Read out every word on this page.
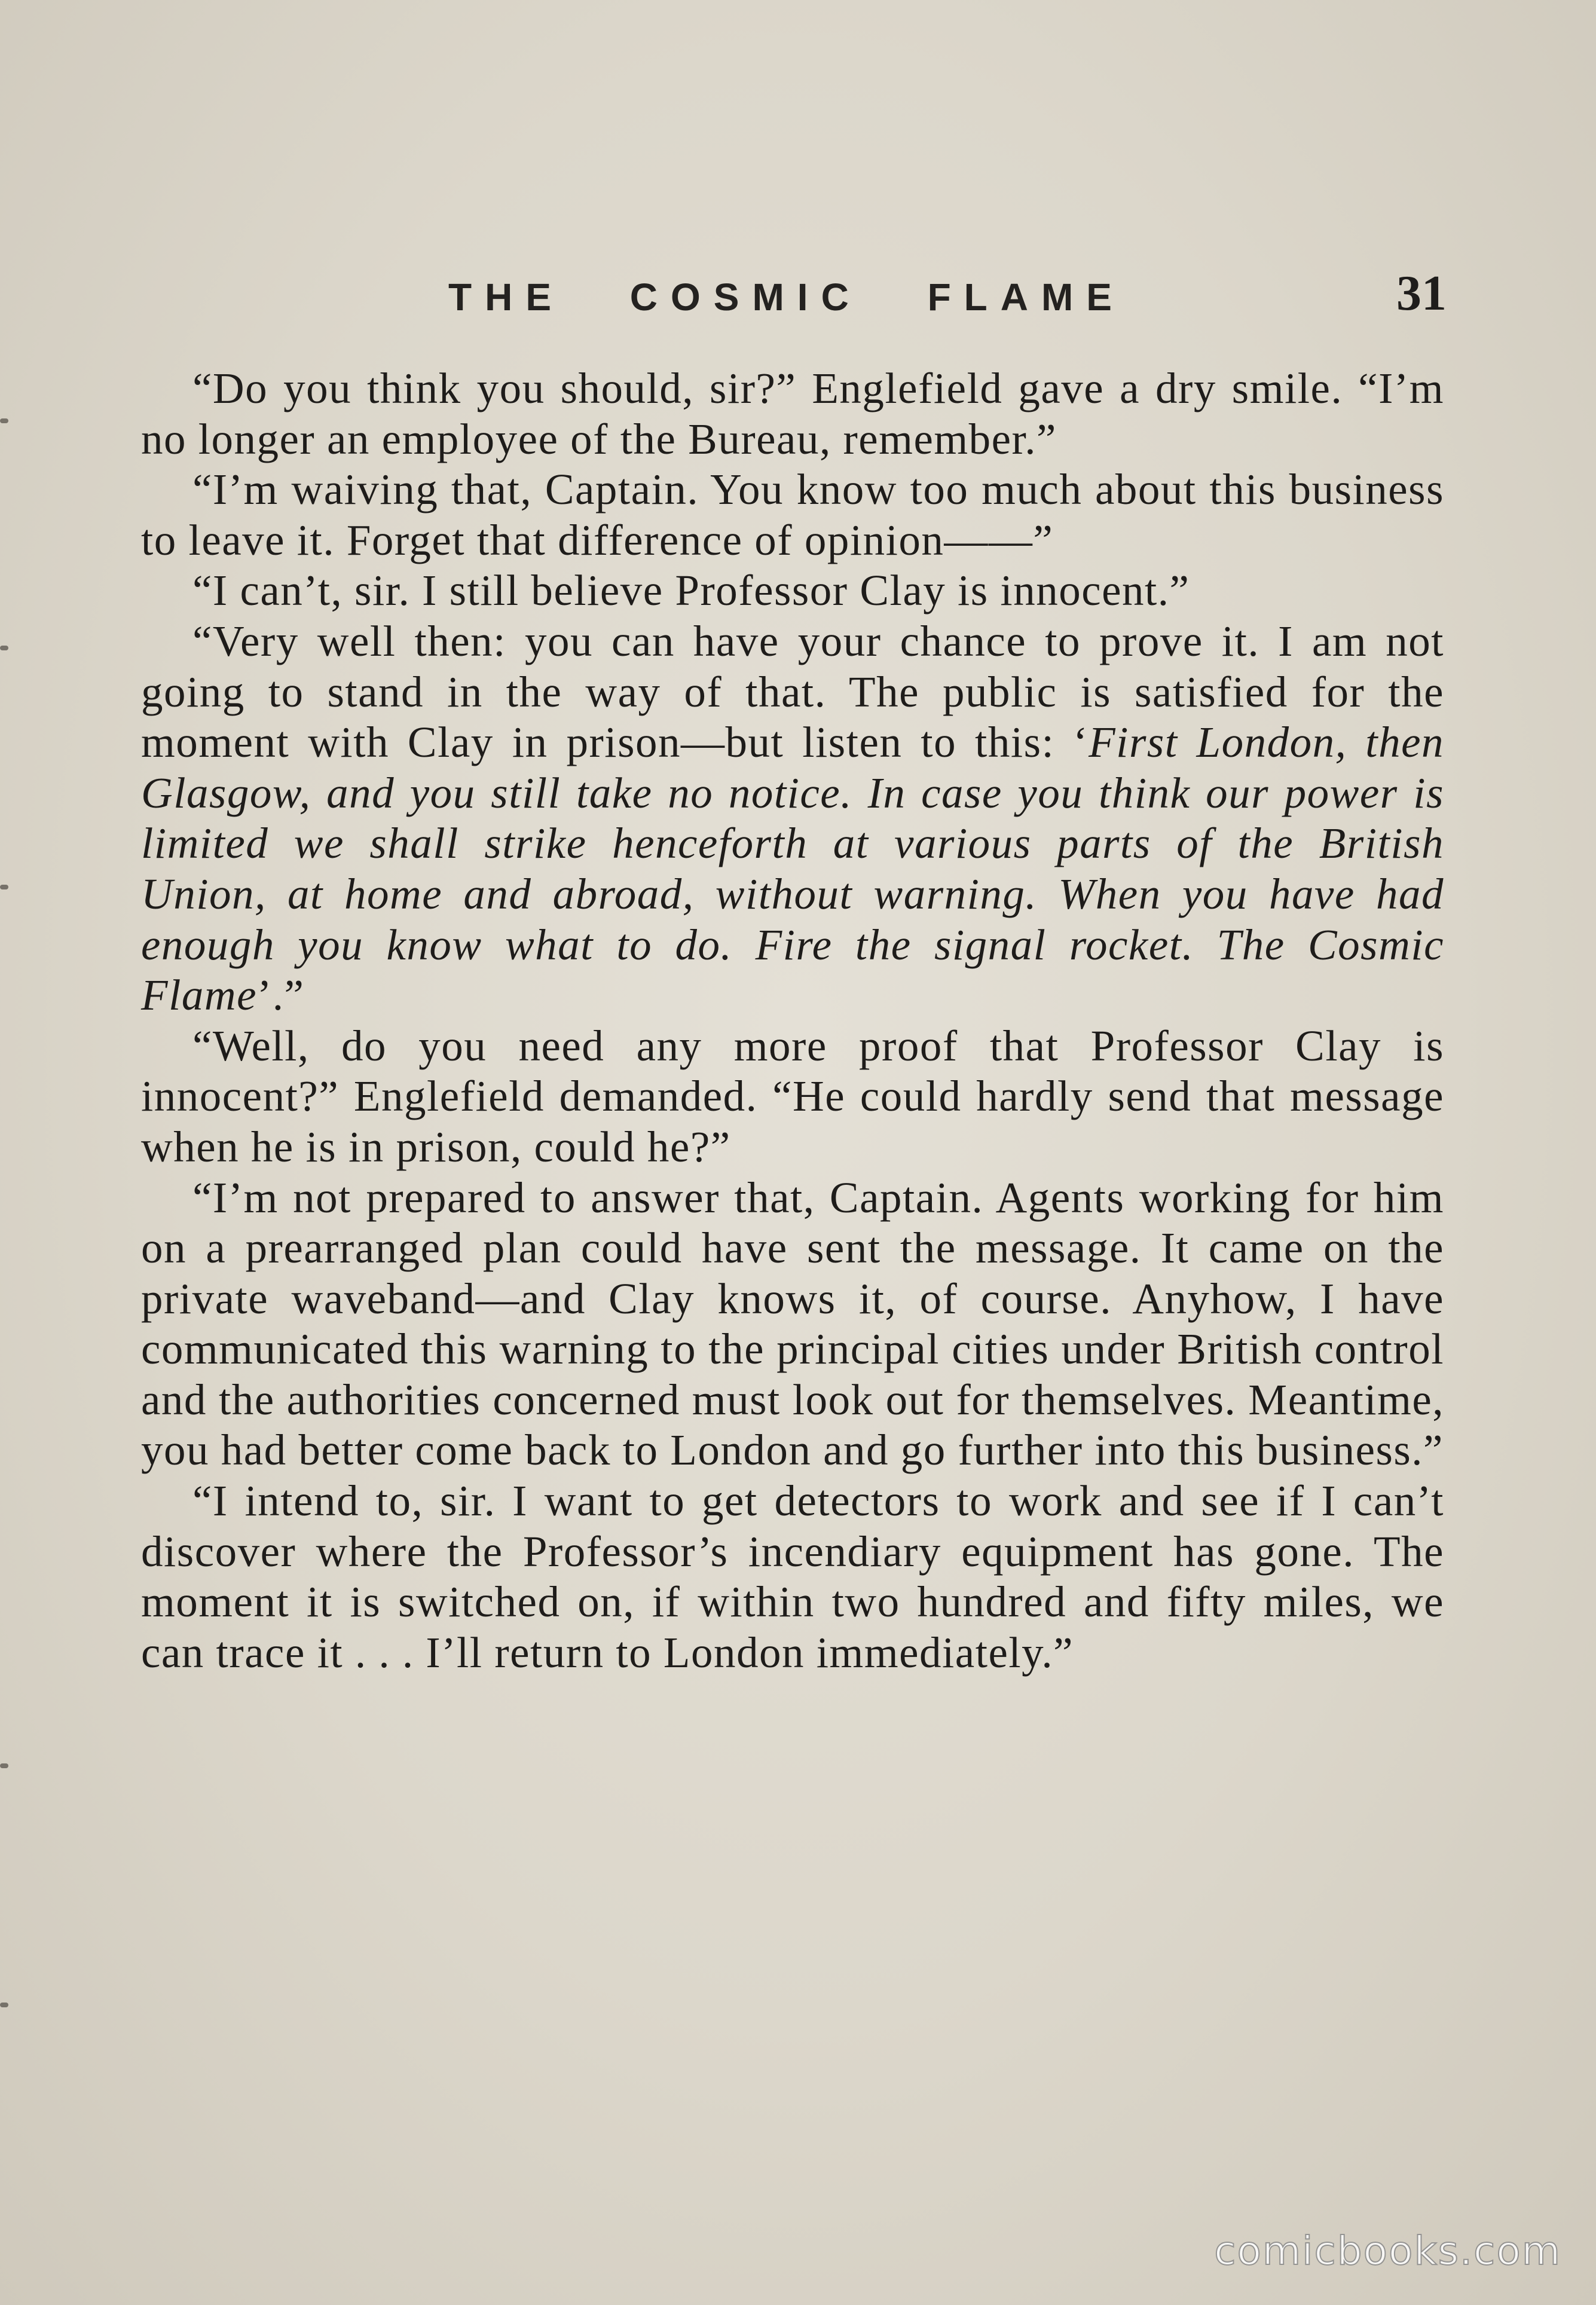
THE COSMIC FLAME	31

“Do you think you should, sir?” Englefield gave a dry smile. “I’m no longer an employee of the Bureau, remember.”

“I’m waiving that, Captain. You know too much about this business to leave it. Forget that difference of opinion——”

“I can’t, sir. I still believe Professor Clay is innocent.”

“Very well then: you can have your chance to prove it. I am not going to stand in the way of that. The public is satisfied for the moment with Clay in prison—but listen to this: ‘First London, then Glasgow, and you still take no notice. In case you think our power is limited we shall strike henceforth at various parts of the British Union, at home and abroad, without warning. When you have had enough you know what to do. Fire the signal rocket. The Cosmic Flame’.”

“Well, do you need any more proof that Professor Clay is innocent?” Englefield demanded. “He could hardly send that message when he is in prison, could he?”

“I’m not prepared to answer that, Captain. Agents working for him on a prearranged plan could have sent the message. It came on the private waveband—and Clay knows it, of course. Anyhow, I have communicated this warning to the principal cities under British control and the authorities concerned must look out for themselves. Meantime, you had better come back to London and go further into this business.”

“I intend to, sir. I want to get detectors to work and see if I can’t discover where the Professor’s incendiary equipment has gone. The moment it is switched on, if within two hundred and fifty miles, we can trace it . . . I’ll return to London immediately.”

comicbooks.com
